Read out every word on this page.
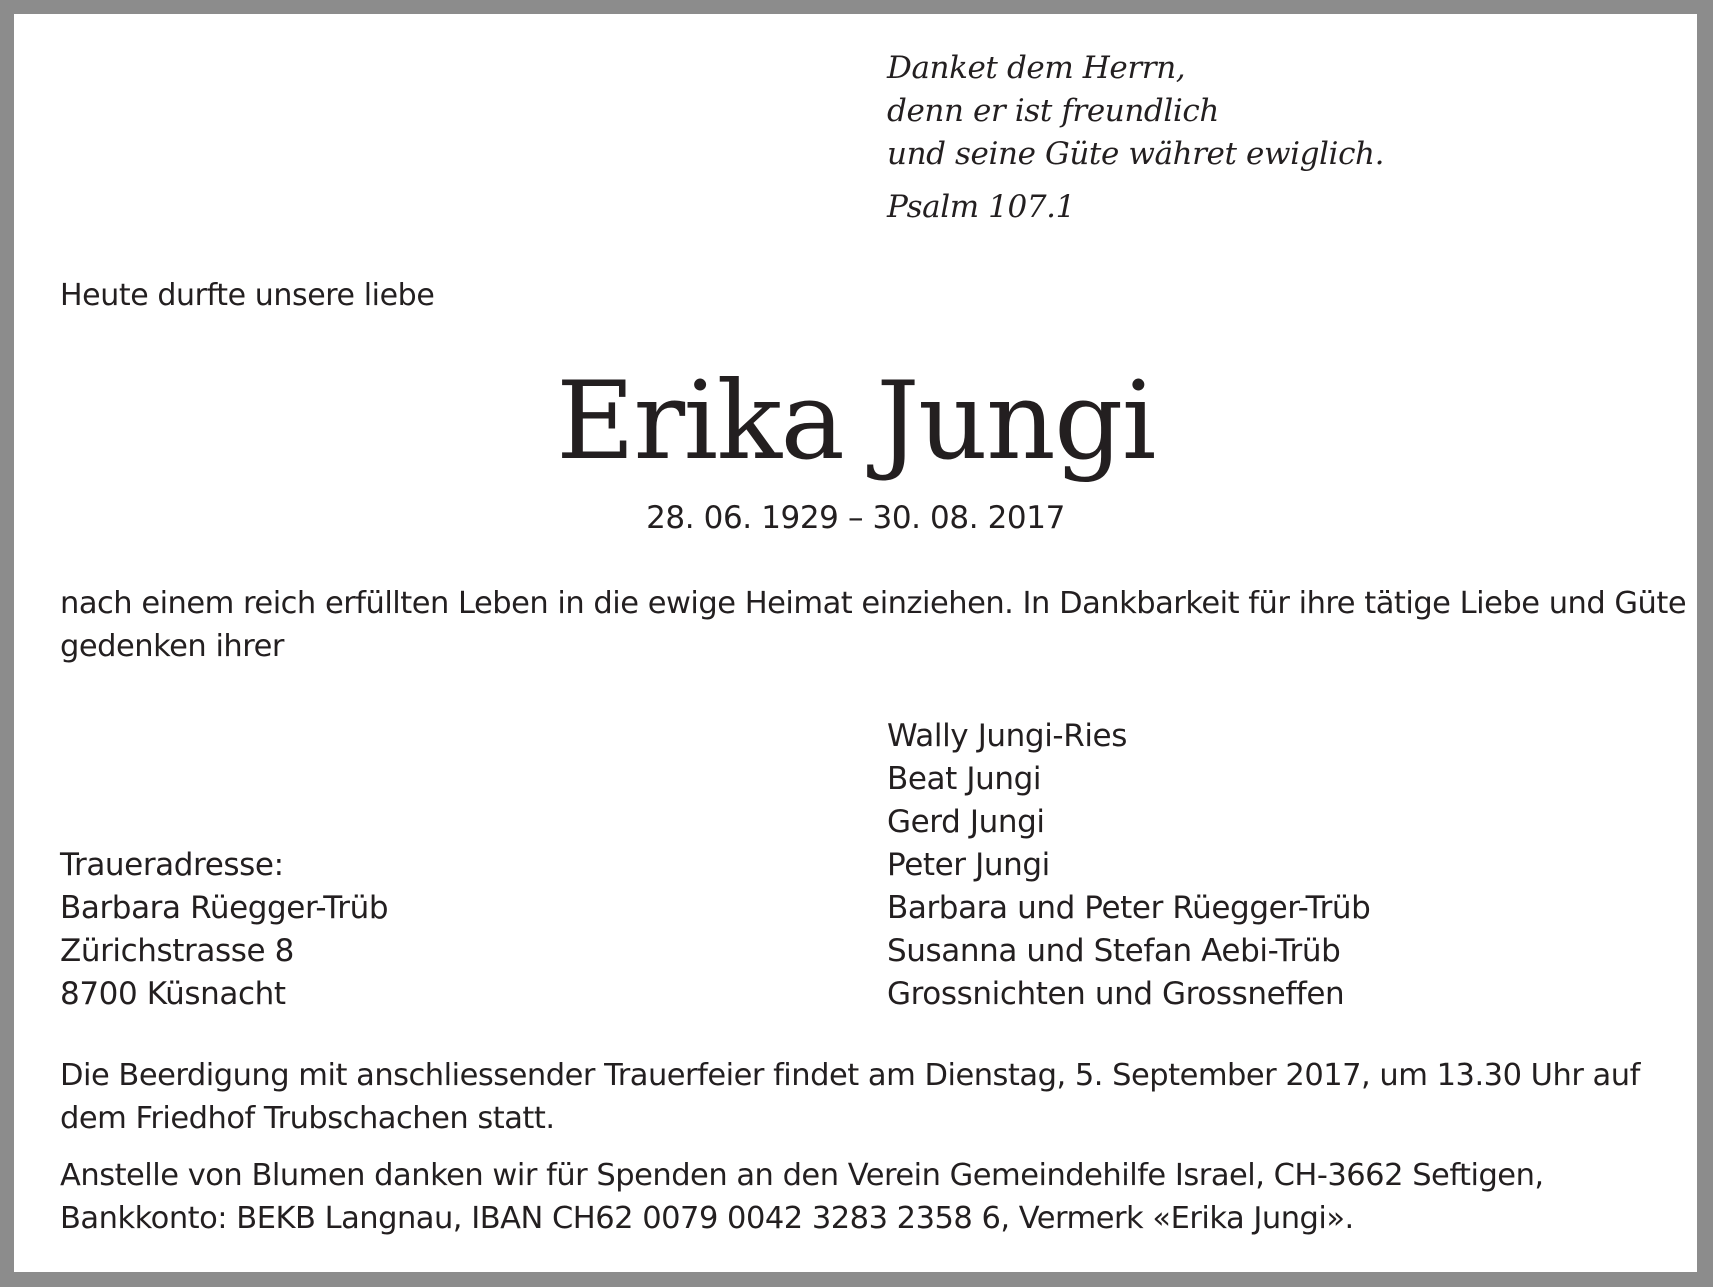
Danket dem Herrn,
denn er ist freundlich
und seine Güte währet ewiglich.
Psalm 107.1
Heute durfte unsere liebe
Erika Jungi
28. 06. 1929 – 30. 08. 2017
nach einem reich erfüllten Leben in die ewige Heimat einziehen. In Dankbarkeit für ihre tätige Liebe und Güte
gedenken ihrer
Traueradresse:
Barbara Rüegger-Trüb
Zürichstrasse 8
8700 Küsnacht
Wally Jungi-Ries
Beat Jungi
Gerd Jungi
Peter Jungi
Barbara und Peter Rüegger-Trüb
Susanna und Stefan Aebi-Trüb
Grossnichten und Grossneffen
Die Beerdigung mit anschliessender Trauerfeier findet am Dienstag, 5. September 2017, um 13.30 Uhr auf
dem Friedhof Trubschachen statt.
Anstelle von Blumen danken wir für Spenden an den Verein Gemeindehilfe Israel, CH-3662 Seftigen,
Bankkonto: BEKB Langnau, IBAN CH62 0079 0042 3283 2358 6, Vermerk «Erika Jungi».
